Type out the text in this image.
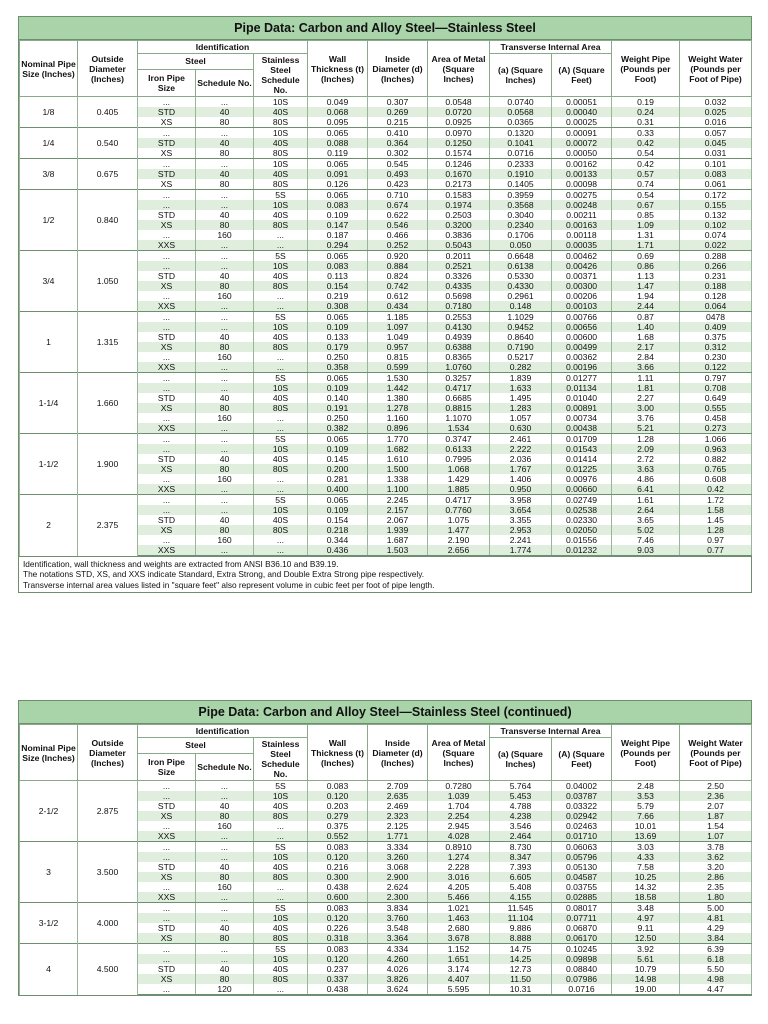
Pipe Data: Carbon and Alloy Steel—Stainless Steel
Nominal Pipe Size (Inches)	Outside Diameter (Inches)	Identification			Wall Thickness (t) (Inches)	Inside Diameter (d) (Inches)	Area of Metal (Square Inches)	Transverse Internal Area		Weight Pipe (Pounds per Foot)	Weight Water (Pounds per Foot of Pipe)
		Steel		Stainless Steel Schedule No.				(a) (Square Inches)	(A) (Square Feet)		
		Iron Pipe Size	Schedule No.								
1/8	0.405	...	...	10S	0.049	0.307	0.0548	0.0740	0.00051	0.19	0.032
		STD	40	40S	0.068	0.269	0.0720	0.0568	0.00040	0.24	0.025
		XS	80	80S	0.095	0.215	0.0925	0.0365	0.00025	0.31	0.016
1/4	0.540	...	...	10S	0.065	0.410	0.0970	0.1320	0.00091	0.33	0.057
		STD	40	40S	0.088	0.364	0.1250	0.1041	0.00072	0.42	0.045
		XS	80	80S	0.119	0.302	0.1574	0.0716	0.00050	0.54	0.031
3/8	0.675	...	...	10S	0.065	0.545	0.1246	0.2333	0.00162	0.42	0.101
		STD	40	40S	0.091	0.493	0.1670	0.1910	0.00133	0.57	0.083
		XS	80	80S	0.126	0.423	0.2173	0.1405	0.00098	0.74	0.061
1/2	0.840	...	...	5S	0.065	0.710	0.1583	0.3959	0.00275	0.54	0.172
		...	...	10S	0.083	0.674	0.1974	0.3568	0.00248	0.67	0.155
		STD	40	40S	0.109	0.622	0.2503	0.3040	0.00211	0.85	0.132
		XS	80	80S	0.147	0.546	0.3200	0.2340	0.00163	1.09	0.102
		...	160	...	0.187	0.466	0.3836	0.1706	0.00118	1.31	0.074
		XXS	...	...	0.294	0.252	0.5043	0.050	0.00035	1.71	0.022
3/4	1.050	...	...	5S	0.065	0.920	0.2011	0.6648	0.00462	0.69	0.288
		...	...	10S	0.083	0.884	0.2521	0.6138	0.00426	0.86	0.266
		STD	40	40S	0.113	0.824	0.3326	0.5330	0.00371	1.13	0.231
		XS	80	80S	0.154	0.742	0.4335	0.4330	0.00300	1.47	0.188
		...	160	...	0.219	0.612	0.5698	0.2961	0.00206	1.94	0.128
		XXS	...	...	0.308	0.434	0.7180	0.148	0.00103	2.44	0.064
1	1.315	...	...	5S	0.065	1.185	0.2553	1.1029	0.00766	0.87	0478
		...	...	10S	0.109	1.097	0.4130	0.9452	0.00656	1.40	0.409
		STD	40	40S	0.133	1.049	0.4939	0.8640	0.00600	1.68	0.375
		XS	80	80S	0.179	0.957	0.6388	0.7190	0.00499	2.17	0.312
		...	160	...	0.250	0.815	0.8365	0.5217	0.00362	2.84	0.230
		XXS	...	...	0.358	0.599	1.0760	0.282	0.00196	3.66	0.122
1-1/4	1.660	...	...	5S	0.065	1.530	0.3257	1.839	0.01277	1.11	0.797
		...	...	10S	0.109	1.442	0.4717	1.633	0.01134	1.81	0.708
		STD	40	40S	0.140	1.380	0.6685	1.495	0.01040	2.27	0.649
		XS	80	80S	0.191	1.278	0.8815	1.283	0.00891	3.00	0.555
		...	160	...	0.250	1.160	1.1070	1.057	0.00734	3.76	0.458
		XXS	...	...	0.382	0.896	1.534	0.630	0.00438	5.21	0.273
1-1/2	1.900	...	...	5S	0.065	1.770	0.3747	2.461	0.01709	1.28	1.066
		...	...	10S	0.109	1.682	0.6133	2.222	0.01543	2.09	0.963
		STD	40	40S	0.145	1.610	0.7995	2.036	0.01414	2.72	0.882
		XS	80	80S	0.200	1.500	1.068	1.767	0.01225	3.63	0.765
		...	160	...	0.281	1.338	1.429	1.406	0.00976	4.86	0.608
		XXS	...	...	0.400	1.100	1.885	0.950	0.00660	6.41	0.42
2	2.375	...	...	5S	0.065	2.245	0.4717	3.958	0.02749	1.61	1.72
		...	...	10S	0.109	2.157	0.7760	3.654	0.02538	2.64	1.58
		STD	40	40S	0.154	2.067	1.075	3.355	0.02330	3.65	1.45
		XS	80	80S	0.218	1.939	1.477	2.953	0.02050	5.02	1.28
		...	160	...	0.344	1.687	2.190	2.241	0.01556	7.46	0.97
		XXS	...	...	0.436	1.503	2.656	1.774	0.01232	9.03	0.77
Identification, wall thickness and weights are extracted from ANSI B36.10 and B39.19.
The notations STD, XS, and XXS indicate Standard, Extra Strong, and Double Extra Strong pipe respectively.
Transverse internal area values listed in "square feet" also represent volume in cubic feet per foot of pipe length.
Pipe Data: Carbon and Alloy Steel—Stainless Steel (continued)
Nominal Pipe Size (Inches)	Outside Diameter (Inches)	Identification			Wall Thickness (t) (Inches)	Inside Diameter (d) (Inches)	Area of Metal (Square Inches)	Transverse Internal Area		Weight Pipe (Pounds per Foot)	Weight Water (Pounds per Foot of Pipe)
		Steel		Stainless Steel Schedule No.				(a) (Square Inches)	(A) (Square Feet)		
		Iron Pipe Size	Schedule No.								
2-1/2	2.875	...	...	5S	0.083	2.709	0.7280	5.764	0.04002	2.48	2.50
		...	...	10S	0.120	2.635	1.039	5.453	0.03787	3.53	2.36
		STD	40	40S	0.203	2.469	1.704	4.788	0.03322	5.79	2.07
		XS	80	80S	0.279	2.323	2.254	4.238	0.02942	7.66	1.87
		...	160	...	0.375	2.125	2.945	3.546	0.02463	10.01	1.54
		XXS	...	...	0.552	1.771	4.028	2.464	0.01710	13.69	1.07
3	3.500	...	...	5S	0.083	3.334	0.8910	8.730	0.06063	3.03	3.78
		...	...	10S	0.120	3.260	1.274	8.347	0.05796	4.33	3.62
		STD	40	40S	0.216	3.068	2.228	7.393	0.05130	7.58	3.20
		XS	80	80S	0.300	2.900	3.016	6.605	0.04587	10.25	2.86
		...	160	...	0.438	2.624	4.205	5.408	0.03755	14.32	2.35
		XXS	...	...	0.600	2.300	5.466	4.155	0.02885	18.58	1.80
3-1/2	4.000	...	...	5S	0.083	3.834	1.021	11.545	0.08017	3.48	5.00
		...	...	10S	0.120	3.760	1.463	11.104	0.07711	4.97	4.81
		STD	40	40S	0.226	3.548	2.680	9.886	0.06870	9.11	4.29
		XS	80	80S	0.318	3.364	3.678	8.888	0.06170	12.50	3.84
4	4.500	...	...	5S	0.083	4.334	1.152	14.75	0.10245	3.92	6.39
		...	...	10S	0.120	4.260	1.651	14.25	0.09898	5.61	6.18
		STD	40	40S	0.237	4.026	3.174	12.73	0.08840	10.79	5.50
		XS	80	80S	0.337	3.826	4.407	11.50	0.07986	14.98	4.98
		...	120	...	0.438	3.624	5.595	10.31	0.0716	19.00	4.47
